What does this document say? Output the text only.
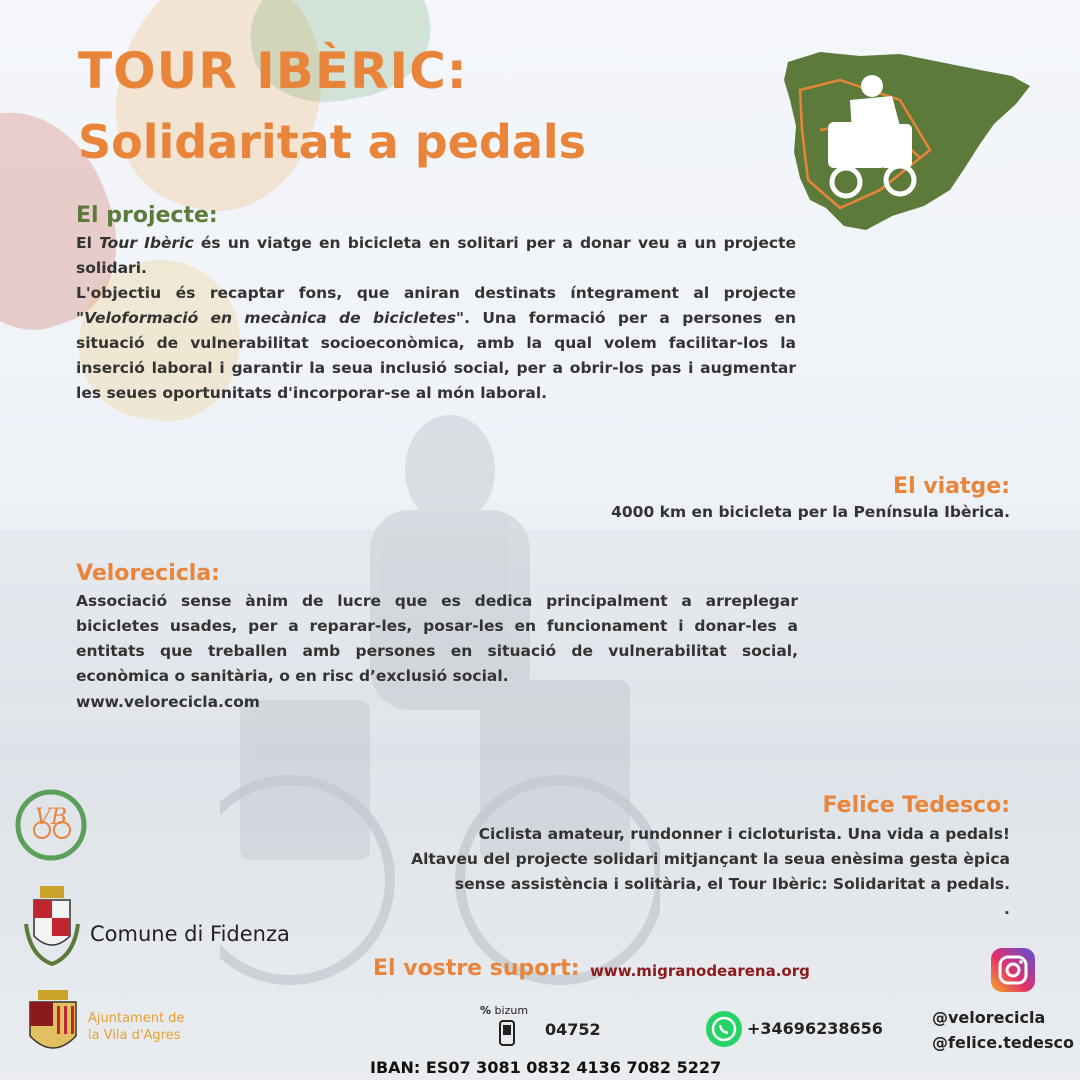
TOUR IBÈRIC:
Solidaritat a pedals
El projecte:
El Tour Ibèric és un viatge en bicicleta en solitari per a donar veu a un projecte solidari.
L'objectiu és recaptar fons, que aniran destinats íntegrament al projecte "Veloformació en mecànica de bicicletes". Una formació per a persones en situació de vulnerabilitat socioeconòmica, amb la qual volem facilitar-los la inserció laboral i garantir la seua inclusió social, per a obrir-los pas i augmentar les seues oportunitats d'incorporar-se al món laboral.
El viatge:
4000 km en bicicleta per la Península Ibèrica.
Velorecicla:
Associació sense ànim de lucre que es dedica principalment a arreplegar bicicletes usades, per a reparar-les, posar-les en funcionament i donar-les a entitats que treballen amb persones en situació de vulnerabilitat social, econòmica o sanitària, o en risc d’exclusió social.
www.velorecicla.com
Felice Tedesco:
Ciclista amateur, rundonner i cicloturista. Una vida a pedals!
Altaveu del projecte solidari mitjançant la seua enèsima gesta èpica
sense assistència i solitària, el Tour Ibèric: Solidaritat a pedals.
.
VB
Comune di Fidenza
Ajuntament de
la Vila d'Agres
El vostre suport: www.migranodearena.org
% bizum
04752	+34696238656
@velorecicla
@felice.tedesco
IBAN: ES07 3081 0832 4136 7082 5227
